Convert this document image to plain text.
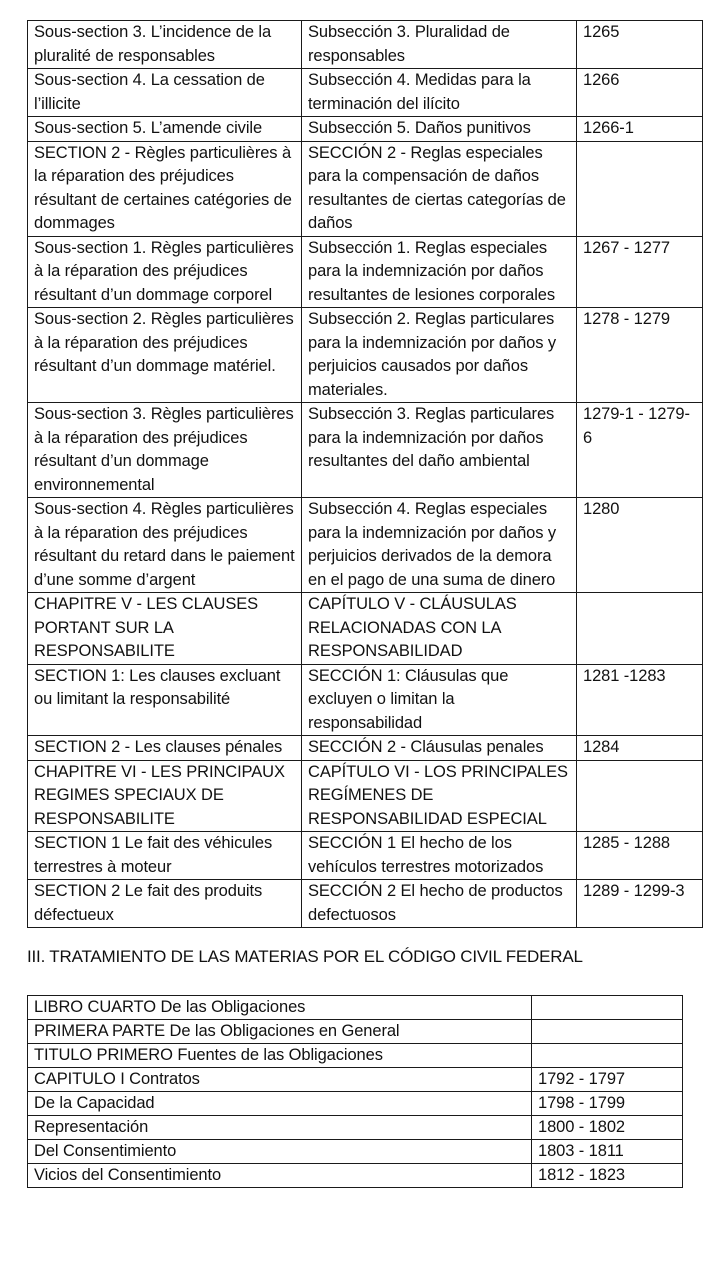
Sous-section 3. L’incidence de la pluralité de responsables	Subsección 3. Pluralidad de responsables	1265
Sous-section 4. La cessation de l’illicite	Subsección 4. Medidas para la terminación del ilícito	1266
Sous-section 5. L’amende civile	Subsección 5. Daños punitivos	1266-1
SECTION 2 - Règles particulières à la réparation des préjudices résultant de certaines catégories de dommages	SECCIÓN 2 - Reglas especiales para la compensación de daños resultantes de ciertas categorías de daños	
Sous-section 1. Règles particulières à la réparation des préjudices résultant d’un dommage corporel	Subsección 1. Reglas especiales para la indemnización por daños resultantes de lesiones corporales	1267 - 1277
Sous-section 2. Règles particulières à la réparation des préjudices résultant d’un dommage matériel.	Subsección 2. Reglas particulares para la indemnización por daños y perjuicios causados por daños materiales.	1278 - 1279
Sous-section 3. Règles particulières à la réparation des préjudices résultant d’un dommage environnemental	Subsección 3. Reglas particulares para la indemnización por daños resultantes del daño ambiental	1279-1 - 1279-6
Sous-section 4. Règles particulières à la réparation des préjudices résultant du retard dans le paiement d’une somme d’argent	Subsección 4. Reglas especiales para la indemnización por daños y perjuicios derivados de la demora en el pago de una suma de dinero	1280
CHAPITRE V - LES CLAUSES PORTANT SUR LA RESPONSABILITE	CAPÍTULO V - CLÁUSULAS RELACIONADAS CON LA RESPONSABILIDAD	
SECTION 1: Les clauses excluant ou limitant la responsabilité	SECCIÓN 1: Cláusulas que excluyen o limitan la responsabilidad	1281 -1283
SECTION 2 - Les clauses pénales	SECCIÓN 2 - Cláusulas penales	1284
CHAPITRE VI - LES PRINCIPAUX REGIMES SPECIAUX DE RESPONSABILITE	CAPÍTULO VI - LOS PRINCIPALES REGÍMENES DE RESPONSABILIDAD ESPECIAL	
SECTION 1 Le fait des véhicules terrestres à moteur	SECCIÓN 1 El hecho de los vehículos terrestres motorizados	1285 - 1288
SECTION 2 Le fait des produits défectueux	SECCIÓN 2 El hecho de productos defectuosos	1289 - 1299-3
III. TRATAMIENTO DE LAS MATERIAS POR EL CÓDIGO CIVIL FEDERAL
LIBRO CUARTO De las Obligaciones	
PRIMERA PARTE De las Obligaciones en General	
TITULO PRIMERO Fuentes de las Obligaciones	
CAPITULO I Contratos	1792 - 1797
De la Capacidad	1798 - 1799
Representación	1800 - 1802
Del Consentimiento	1803 - 1811
Vicios del Consentimiento	1812 - 1823
